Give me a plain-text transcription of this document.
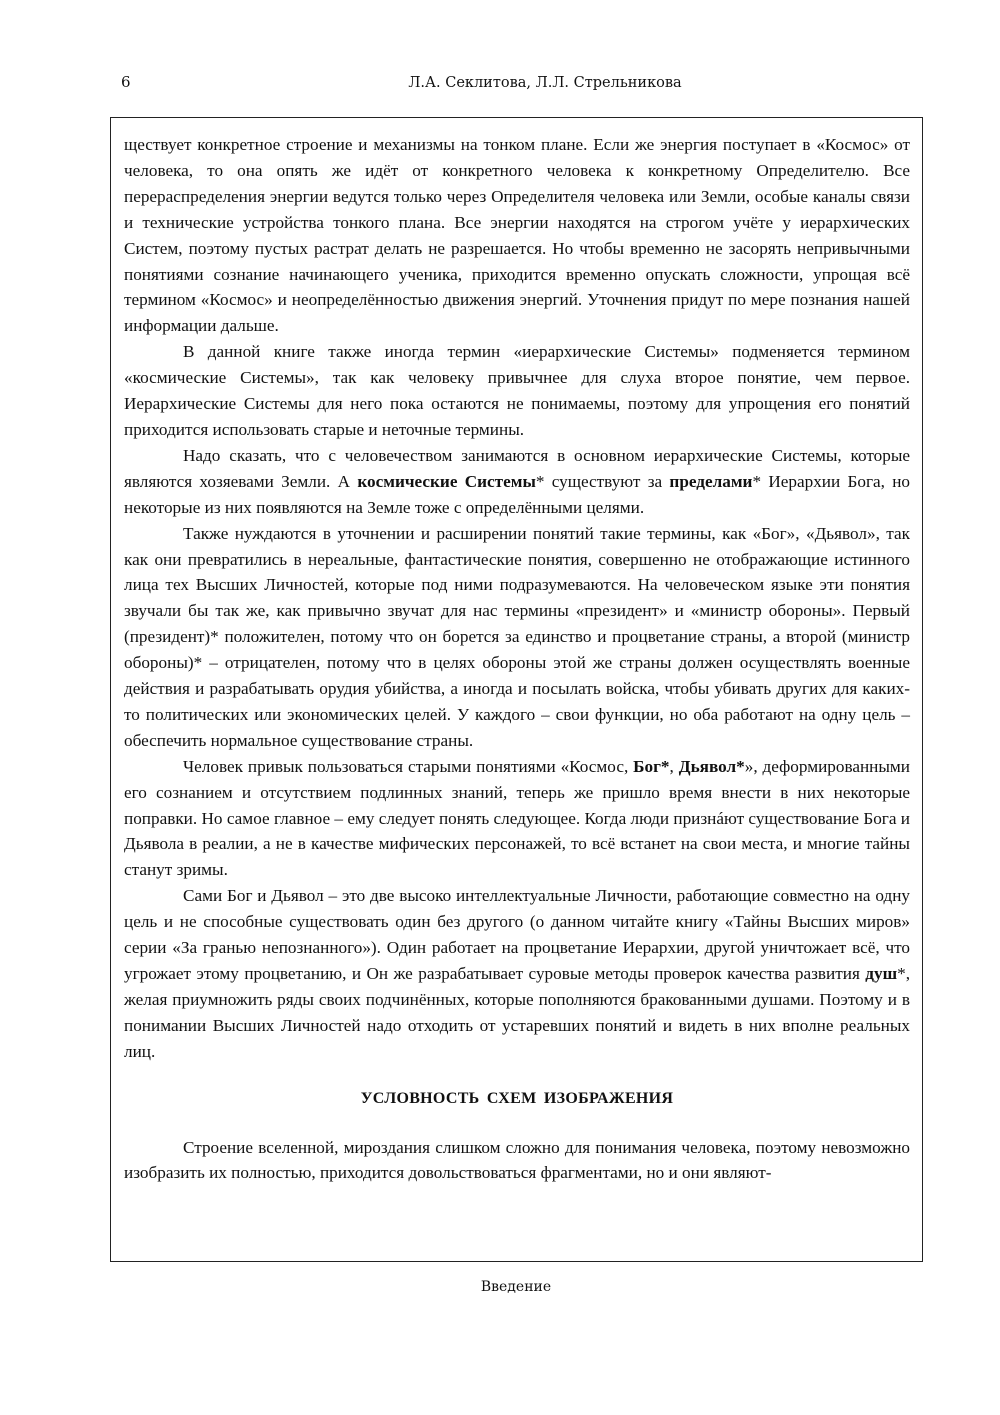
6	Л.А. Секлитова, Л.Л. Стрельникова

ществует конкретное строение и механизмы на тонком плане. Если же энергия поступает в «Космос» от человека, то она опять же идёт от конкретного человека к конкретному Определителю. Все перераспределения энергии ведутся только через Определителя человека или Земли, особые каналы связи и технические устройства тонкого плана. Все энергии находятся на строгом учёте у иерархических Систем, поэтому пустых растрат делать не разрешается. Но чтобы временно не засорять непривычными понятиями сознание начинающего ученика, приходится временно опускать сложности, упрощая всё термином «Космос» и неопределённостью движения энергий. Уточнения придут по мере познания нашей информации дальше.

В данной книге также иногда термин «иерархические Системы» подменяется термином «космические Системы», так как человеку привычнее для слуха второе понятие, чем первое. Иерархические Системы для него пока остаются не понимаемы, поэтому для упрощения его понятий приходится использовать старые и неточные термины.

Надо сказать, что с человечеством занимаются в основном иерархические Системы, которые являются хозяевами Земли. А космические Системы* существуют за пределами* Иерархии Бога, но некоторые из них появляются на Земле тоже с определёнными целями.

Также нуждаются в уточнении и расширении понятий такие термины, как «Бог», «Дьявол», так как они превратились в нереальные, фантастические понятия, совершенно не отображающие истинного лица тех Высших Личностей, которые под ними подразумеваются. На человеческом языке эти понятия звучали бы так же, как привычно звучат для нас термины «президент» и «министр обороны». Первый (президент)* положителен, потому что он борется за единство и процветание страны, а второй (министр обороны)* – отрицателен, потому что в целях обороны этой же страны должен осуществлять военные действия и разрабатывать орудия убийства, а иногда и посылать войска, чтобы убивать других для каких-то политических или экономических целей. У каждого – свои функции, но оба работают на одну цель – обеспечить нормальное существование страны.

Человек привык пользоваться старыми понятиями «Космос, Бог*, Дьявол*», деформированными его сознанием и отсутствием подлинных знаний, теперь же пришло время внести в них некоторые поправки. Но самое главное – ему следует понять следующее. Когда люди признáют существование Бога и Дьявола в реалии, а не в качестве мифических персонажей, то всё встанет на свои места, и многие тайны станут зримы.

Сами Бог и Дьявол – это две высоко интеллектуальные Личности, работающие совместно на одну цель и не способные существовать один без другого (о данном читайте книгу «Тайны Высших миров» серии «За гранью непознанного»). Один работает на процветание Иерархии, другой уничтожает всё, что угрожает этому процветанию, и Он же разрабатывает суровые методы проверок качества развития душ*, желая приумножить ряды своих подчинённых, которые пополняются бракованными душами. Поэтому и в понимании Высших Личностей надо отходить от устаревших понятий и видеть в них вполне реальных лиц.

УСЛОВНОСТЬ СХЕМ ИЗОБРАЖЕНИЯ

Строение вселенной, мироздания слишком сложно для понимания человека, поэтому невозможно изобразить их полностью, приходится довольствоваться фрагментами, но и они являют-

Введение
